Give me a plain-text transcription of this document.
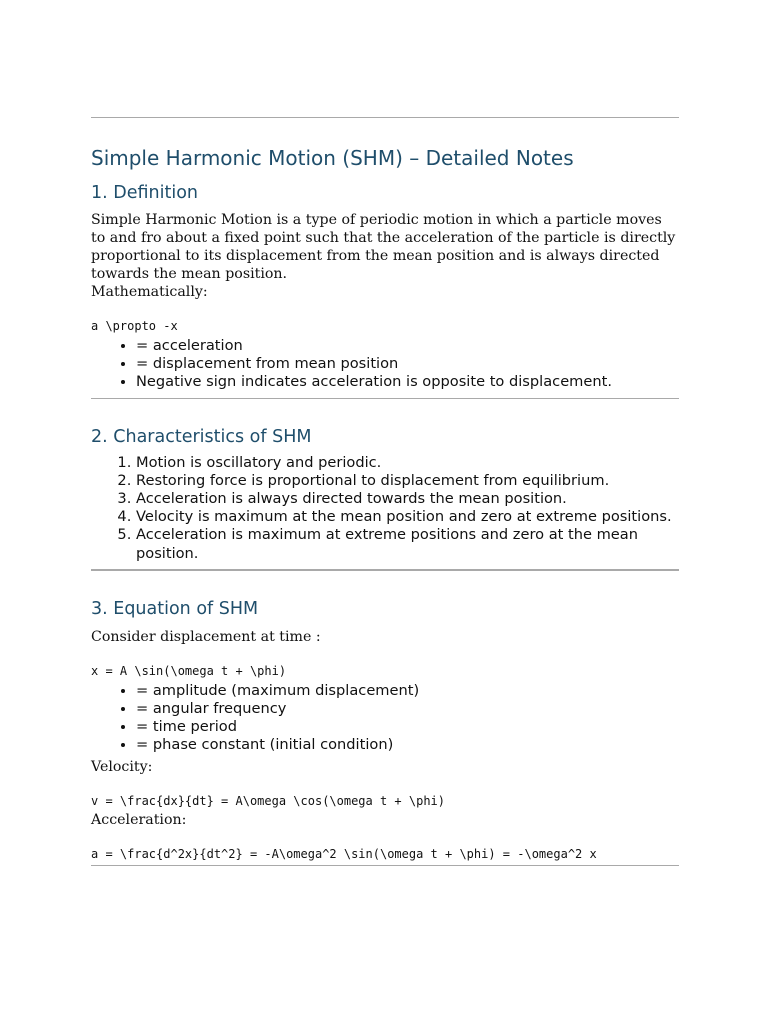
Simple Harmonic Motion (SHM) – Detailed Notes
1. Definition

Simple Harmonic Motion is a type of periodic motion in which a particle moves to and fro about a fixed point such that the acceleration of the particle is directly proportional to its displacement from the mean position and is always directed towards the mean position.

Mathematically:

a \propto -x
• = acceleration
• = displacement from mean position
• Negative sign indicates acceleration is opposite to displacement.
2. Characteristics of SHM
1. Motion is oscillatory and periodic.
2. Restoring force is proportional to displacement from equilibrium.
3. Acceleration is always directed towards the mean position.
4. Velocity is maximum at the mean position and zero at extreme positions.
5. Acceleration is maximum at extreme positions and zero at the mean position.
3. Equation of SHM

Consider displacement at time :

x = A \sin(\omega t + \phi)
• = amplitude (maximum displacement)
• = angular frequency
• = time period
• = phase constant (initial condition)

Velocity:

v = \frac{dx}{dt} = A\omega \cos(\omega t + \phi)

Acceleration:

a = \frac{d^2x}{dt^2} = -A\omega^2 \sin(\omega t + \phi) = -\omega^2 x
